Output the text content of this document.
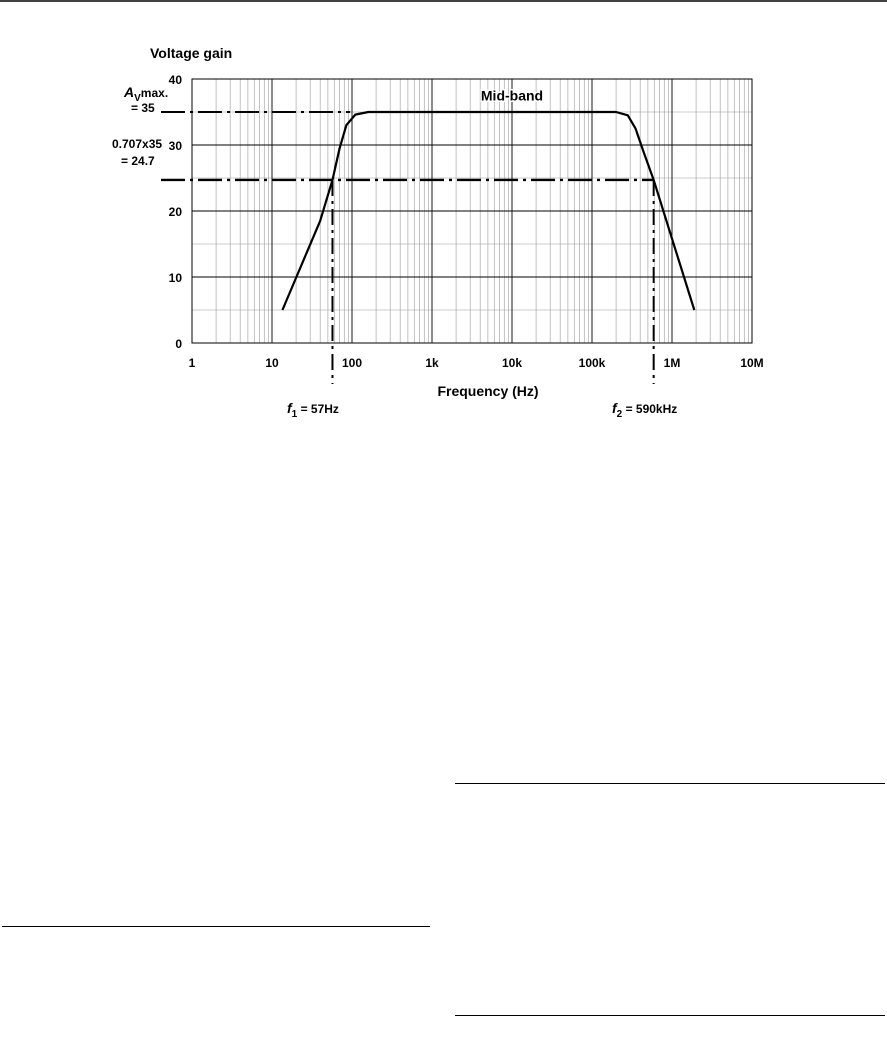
0
10
20
30
40
1	10	100	1k	10k	100k	1M	10M
Voltage gain
Frequency (Hz)
$A_V\max$.
= 35
0.707x35
= 24.7
$f_1 = 57Hz$	$f_2 = 590kHz$
Mid-band
